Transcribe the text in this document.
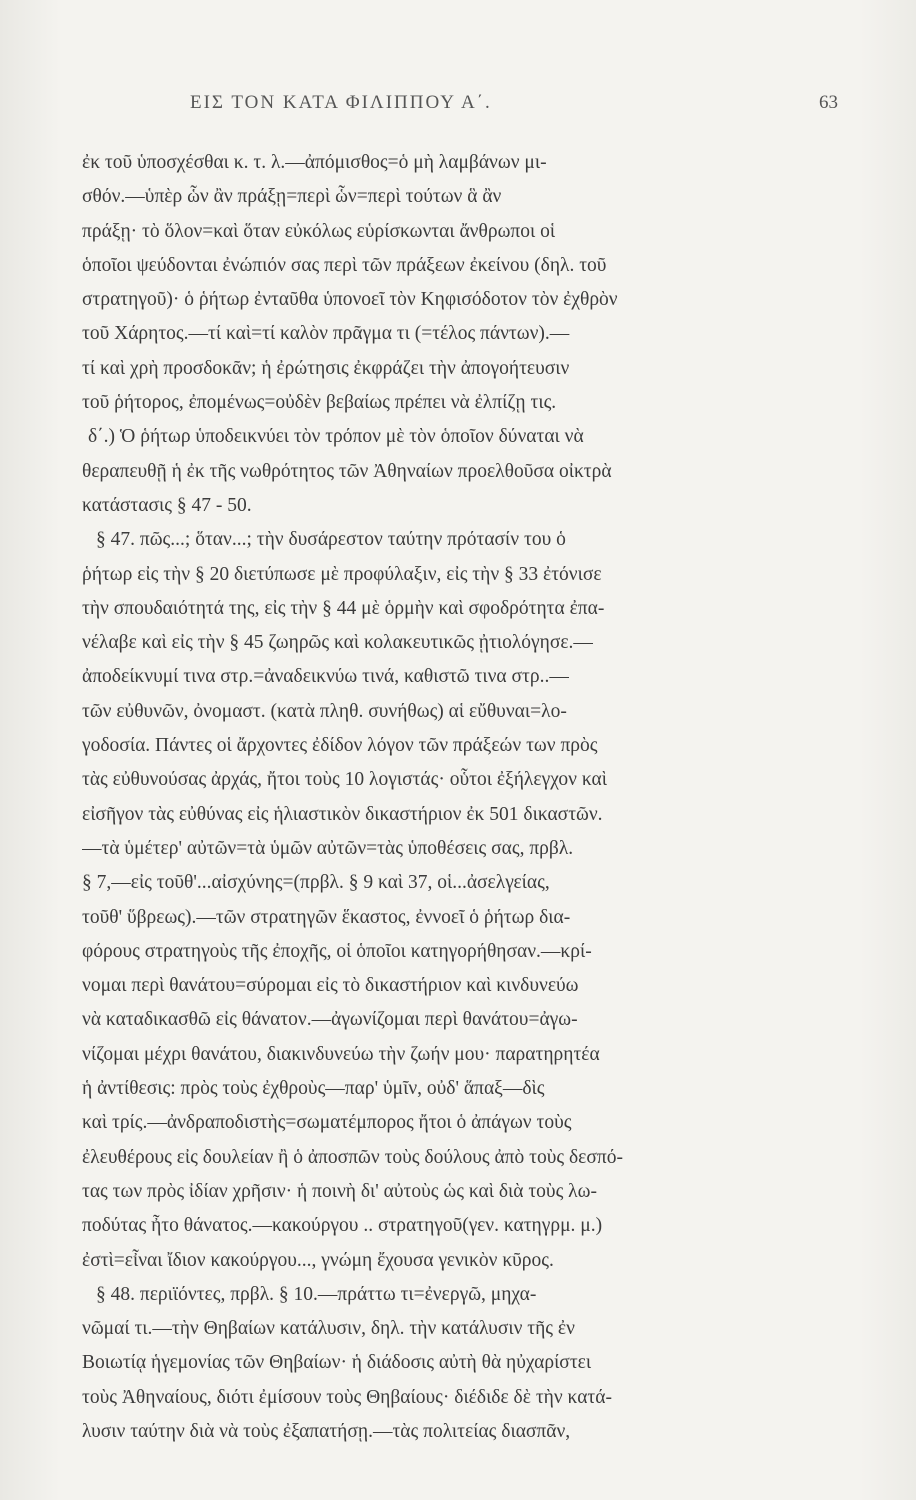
ΕΙΣ ΤΟΝ ΚΑΤΑ ΦΙΛΙΠΠΟΥ Α΄.	63
ἐκ τοῦ ὑποσχέσθαι κ. τ. λ.—ἀπόμισθος=ὁ μὴ λαμβάνων μι-
σθόν.—ὑπὲρ ὧν ἂν πράξῃ=περὶ ὧν=περὶ τούτων ἃ ἂν
πράξῃ· τὸ ὅλον=καὶ ὅταν εὐκόλως εὑρίσκωνται ἄνθρωποι οἱ
ὁποῖοι ψεύδονται ἐνώπιόν σας περὶ τῶν πράξεων ἐκείνου (δηλ. τοῦ
στρατηγοῦ)· ὁ ῥήτωρ ἐνταῦθα ὑπονοεῖ τὸν Κηφισόδοτον τὸν ἐχθρὸν
τοῦ Χάρητος.—τί καὶ=τί καλὸν πρᾶγμα τι (=τέλος πάντων).—
τί καὶ χρὴ προσδοκᾶν; ἡ ἐρώτησις ἐκφράζει τὴν ἀπογοήτευσιν
τοῦ ῥήτορος, ἐπομένως=οὐδὲν βεβαίως πρέπει νὰ ἐλπίζῃ τις.
δ΄.) Ὁ ῥήτωρ ὑποδεικνύει τὸν τρόπον μὲ τὸν ὁποῖον δύναται νὰ
θεραπευθῇ ἡ ἐκ τῆς νωθρότητος τῶν Ἀθηναίων προελθοῦσα οἰκτρὰ
κατάστασις § 47 - 50.
§ 47. πῶς...; ὅταν...; τὴν δυσάρεστον ταύτην πρότασίν του ὁ
ῥήτωρ εἰς τὴν § 20 διετύπωσε μὲ προφύλαξιν, εἰς τὴν § 33 ἐτόνισε
τὴν σπουδαιότητά της, εἰς τὴν § 44 μὲ ὁρμὴν καὶ σφοδρότητα ἐπα-
νέλαβε καὶ εἰς τὴν § 45 ζωηρῶς καὶ κολακευτικῶς ᾐτιολόγησε.—
ἀποδείκνυμί τινα στρ.=ἀναδεικνύω τινά, καθιστῶ τινα στρ..—
τῶν εὐθυνῶν, ὀνομαστ. (κατὰ πληθ. συνήθως) αἱ εὔθυναι=λο-
γοδοσία. Πάντες οἱ ἄρχοντες ἐδίδον λόγον τῶν πράξεών των πρὸς
τὰς εὐθυνούσας ἀρχάς, ἤτοι τοὺς 10 λογιστάς· οὗτοι ἐξήλεγχον καὶ
εἰσῆγον τὰς εὐθύνας εἰς ἡλιαστικὸν δικαστήριον ἐκ 501 δικαστῶν.
—τὰ ὑμέτερ' αὐτῶν=τὰ ὑμῶν αὐτῶν=τὰς ὑποθέσεις σας, πρβλ.
§ 7,—εἰς τοῦθ'...αἰσχύνης=(πρβλ. § 9 καὶ 37, οἱ...ἀσελγείας,
τοῦθ' ὕβρεως).—τῶν στρατηγῶν ἕκαστος, ἐννοεῖ ὁ ῥήτωρ δια-
φόρους στρατηγοὺς τῆς ἐποχῆς, οἱ ὁποῖοι κατηγορήθησαν.—κρί-
νομαι περὶ θανάτου=σύρομαι εἰς τὸ δικαστήριον καὶ κινδυνεύω
νὰ καταδικασθῶ εἰς θάνατον.—ἀγωνίζομαι περὶ θανάτου=ἀγω-
νίζομαι μέχρι θανάτου, διακινδυνεύω τὴν ζωήν μου· παρατηρητέα
ἡ ἀντίθεσις: πρὸς τοὺς ἐχθροὺς—παρ' ὑμῖν, οὐδ' ἅπαξ—δὶς
καὶ τρίς.—ἀνδραποδιστὴς=σωματέμπορος ἤτοι ὁ ἀπάγων τοὺς
ἐλευθέρους εἰς δουλείαν ἢ ὁ ἀποσπῶν τοὺς δούλους ἀπὸ τοὺς δεσπό-
τας των πρὸς ἰδίαν χρῆσιν· ἡ ποινὴ δι' αὐτοὺς ὡς καὶ διὰ τοὺς λω-
ποδύτας ἦτο θάνατος.—κακούργου .. στρατηγοῦ(γεν. κατηγρμ. μ.)
ἐστὶ=εἶναι ἴδιον κακούργου..., γνώμη ἔχουσα γενικὸν κῦρος.
§ 48. περιϊόντες, πρβλ. § 10.—πράττω τι=ἐνεργῶ, μηχα-
νῶμαί τι.—τὴν Θηβαίων κατάλυσιν, δηλ. τὴν κατάλυσιν τῆς ἐν
Βοιωτίᾳ ἡγεμονίας τῶν Θηβαίων· ἡ διάδοσις αὐτὴ θὰ ηὐχαρίστει
τοὺς Ἀθηναίους, διότι ἐμίσουν τοὺς Θηβαίους· διέδιδε δὲ τὴν κατά-
λυσιν ταύτην διὰ νὰ τοὺς ἐξαπατήσῃ.—τὰς πολιτείας διασπᾶν,
